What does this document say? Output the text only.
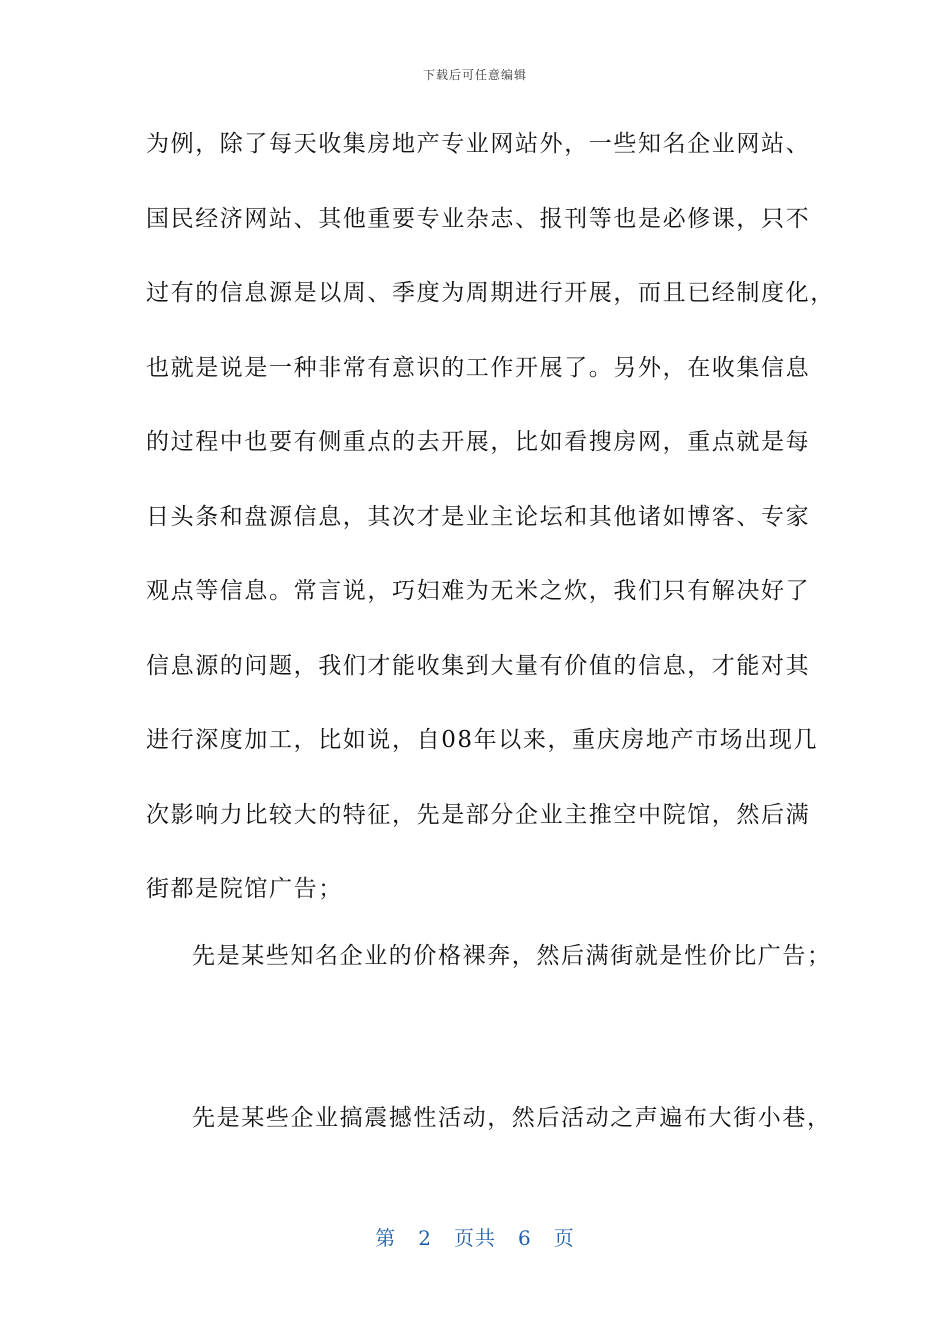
下载后可任意编辑
为例，除了每天收集房地产专业网站外，一些知名企业网站、
国民经济网站、其他重要专业杂志、报刊等也是必修课，只不
过有的信息源是以周、季度为周期进行开展，而且已经制度化，
也就是说是一种非常有意识的工作开展了。另外，在收集信息
的过程中也要有侧重点的去开展，比如看搜房网，重点就是每
日头条和盘源信息，其次才是业主论坛和其他诸如博客、专家
观点等信息。常言说，巧妇难为无米之炊，我们只有解决好了
信息源的问题，我们才能收集到大量有价值的信息，才能对其
进行深度加工，比如说，自08年以来，重庆房地产市场出现几
次影响力比较大的特征，先是部分企业主推空中院馆，然后满
街都是院馆广告；
先是某些知名企业的价格裸奔，然后满街就是性价比广告；
先是某些企业搞震撼性活动，然后活动之声遍布大街小巷，
第 2 页共 6 页
